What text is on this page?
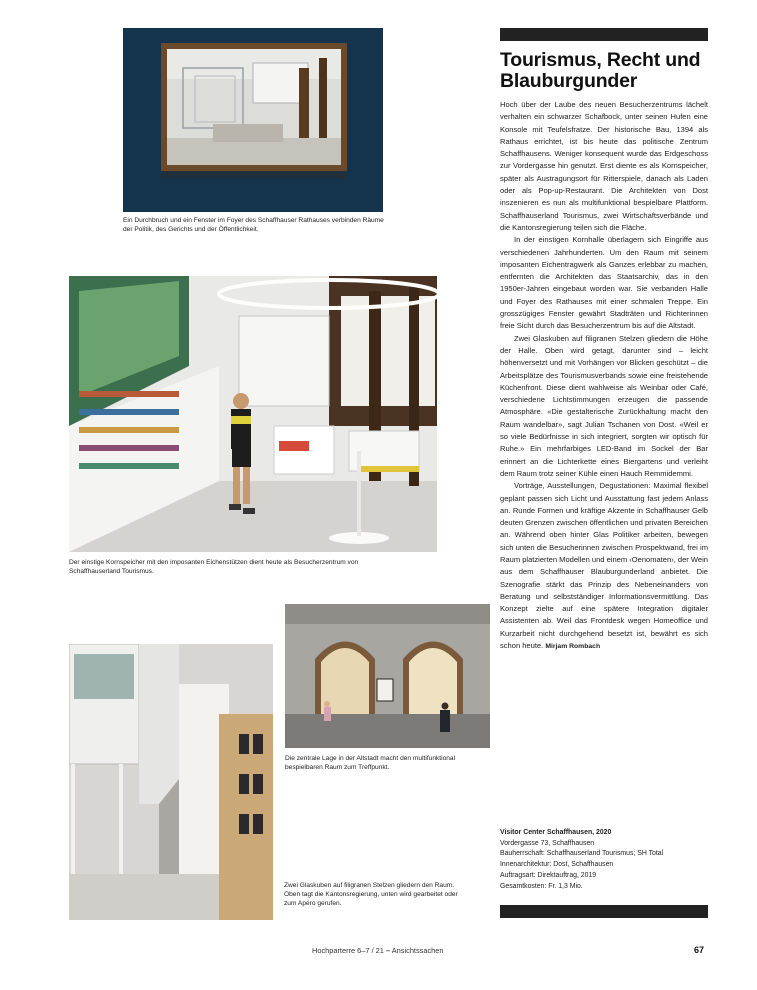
Ein Durchbruch und ein Fenster im Foyer des Schaffhauser Rathauses verbinden Räume der Politik, des Gerichts und der Öffentlichkeit.
Der einstige Kornspeicher mit den imposanten Eichenstützen dient heute als Besucherzentrum von Schaffhauserland Tourismus.
Die zentrale Lage in der Altstadt macht den multifunktional bespielbaren Raum zum Treffpunkt.
Zwei Glaskuben auf filigranen Stelzen gliedern den Raum. Oben tagt die Kantonsregierung, unten wird gearbeitet oder zum Apéro gerufen.
Tourismus, Recht und Blauburgunder

Hoch über der Laube des neuen Besucherzentrums lächelt verhalten ein schwarzer Schafbock, unter seinen Hufen eine Konsole mit Teufelsfratze. Der historische Bau, 1394 als Rathaus errichtet, ist bis heute das politische Zentrum Schaffhausens. Weniger konsequent wurde das Erdgeschoss zur Vordergasse hin genutzt. Erst diente es als Kornspeicher, später als Austragungsort für Ritterspiele, danach als Laden oder als Pop-up-Restaurant. Die Architekten von Dost inszenieren es nun als multifunktional bespielbare Plattform. Schaffhauserland Tourismus, zwei Wirtschaftsverbände und die Kantonsregierung teilen sich die Fläche.

In der einstigen Kornhalle überlagern sich Eingriffe aus verschiedenen Jahrhunderten. Um den Raum mit seinem imposanten Eichentragwerk als Ganzes erlebbar zu machen, entfernten die Architekten das Staatsarchiv, das in den 1950er-Jahren eingebaut worden war. Sie verbanden Halle und Foyer des Rathauses mit einer schmalen Treppe. Ein grosszügiges Fenster gewährt Stadträten und Richterinnen freie Sicht durch das Besucherzentrum bis auf die Altstadt.

Zwei Glaskuben auf filigranen Stelzen gliedern die Höhe der Halle. Oben wird getagt, darunter sind – leicht höhenversetzt und mit Vorhängen vor Blicken geschützt – die Arbeitsplätze des Tourismusverbands sowie eine freistehende Küchenfront. Diese dient wahlweise als Weinbar oder Café, verschiedene Lichtstimmungen erzeugen die passende Atmosphäre. «Die gestalterische Zurückhaltung macht den Raum wandelbar», sagt Julian Tschanen von Dost. «Weil er so viele Bedürfnisse in sich integriert, sorgten wir optisch für Ruhe.» Ein mehrfarbiges LED-Band im Sockel der Bar erinnert an die Lichterkette eines Biergartens und verleiht dem Raum trotz seiner Kühle einen Hauch Remmidemmi.

Vorträge, Ausstellungen, Degustationen: Maximal flexibel geplant passen sich Licht und Ausstattung fast jedem Anlass an. Runde Formen und kräftige Akzente in Schaffhauser Gelb deuten Grenzen zwischen öffentlichen und privaten Bereichen an. Während oben hinter Glas Politiker arbeiten, bewegen sich unten die Besucherinnen zwischen Prospektwand, frei im Raum platzierten Modellen und einem ‹Oenomaten›, der Wein aus dem Schaffhauser Blauburgunderland anbietet. Die Szenografie stärkt das Prinzip des Nebeneinanders von Beratung und selbstständiger Informationsvermittlung. Das Konzept zielte auf eine spätere Integration digitaler Assistenten ab. Weil das Frontdesk wegen Homeoffice und Kurzarbeit nicht durchgehend besetzt ist, bewährt es sich schon heute. Mirjam Rombach

Visitor Center Schaffhausen, 2020
Vordergasse 73, Schaffhausen
Bauherrschaft: Schaffhauserland Tourismus; SH Total
Innenarchitektur: Dost, Schaffhausen
Auftragsart: Direktauftrag, 2019
Gesamtkosten: Fr. 1,3 Mio.
Hochparterre 6–7 / 21 – Ansichtssachen	67
